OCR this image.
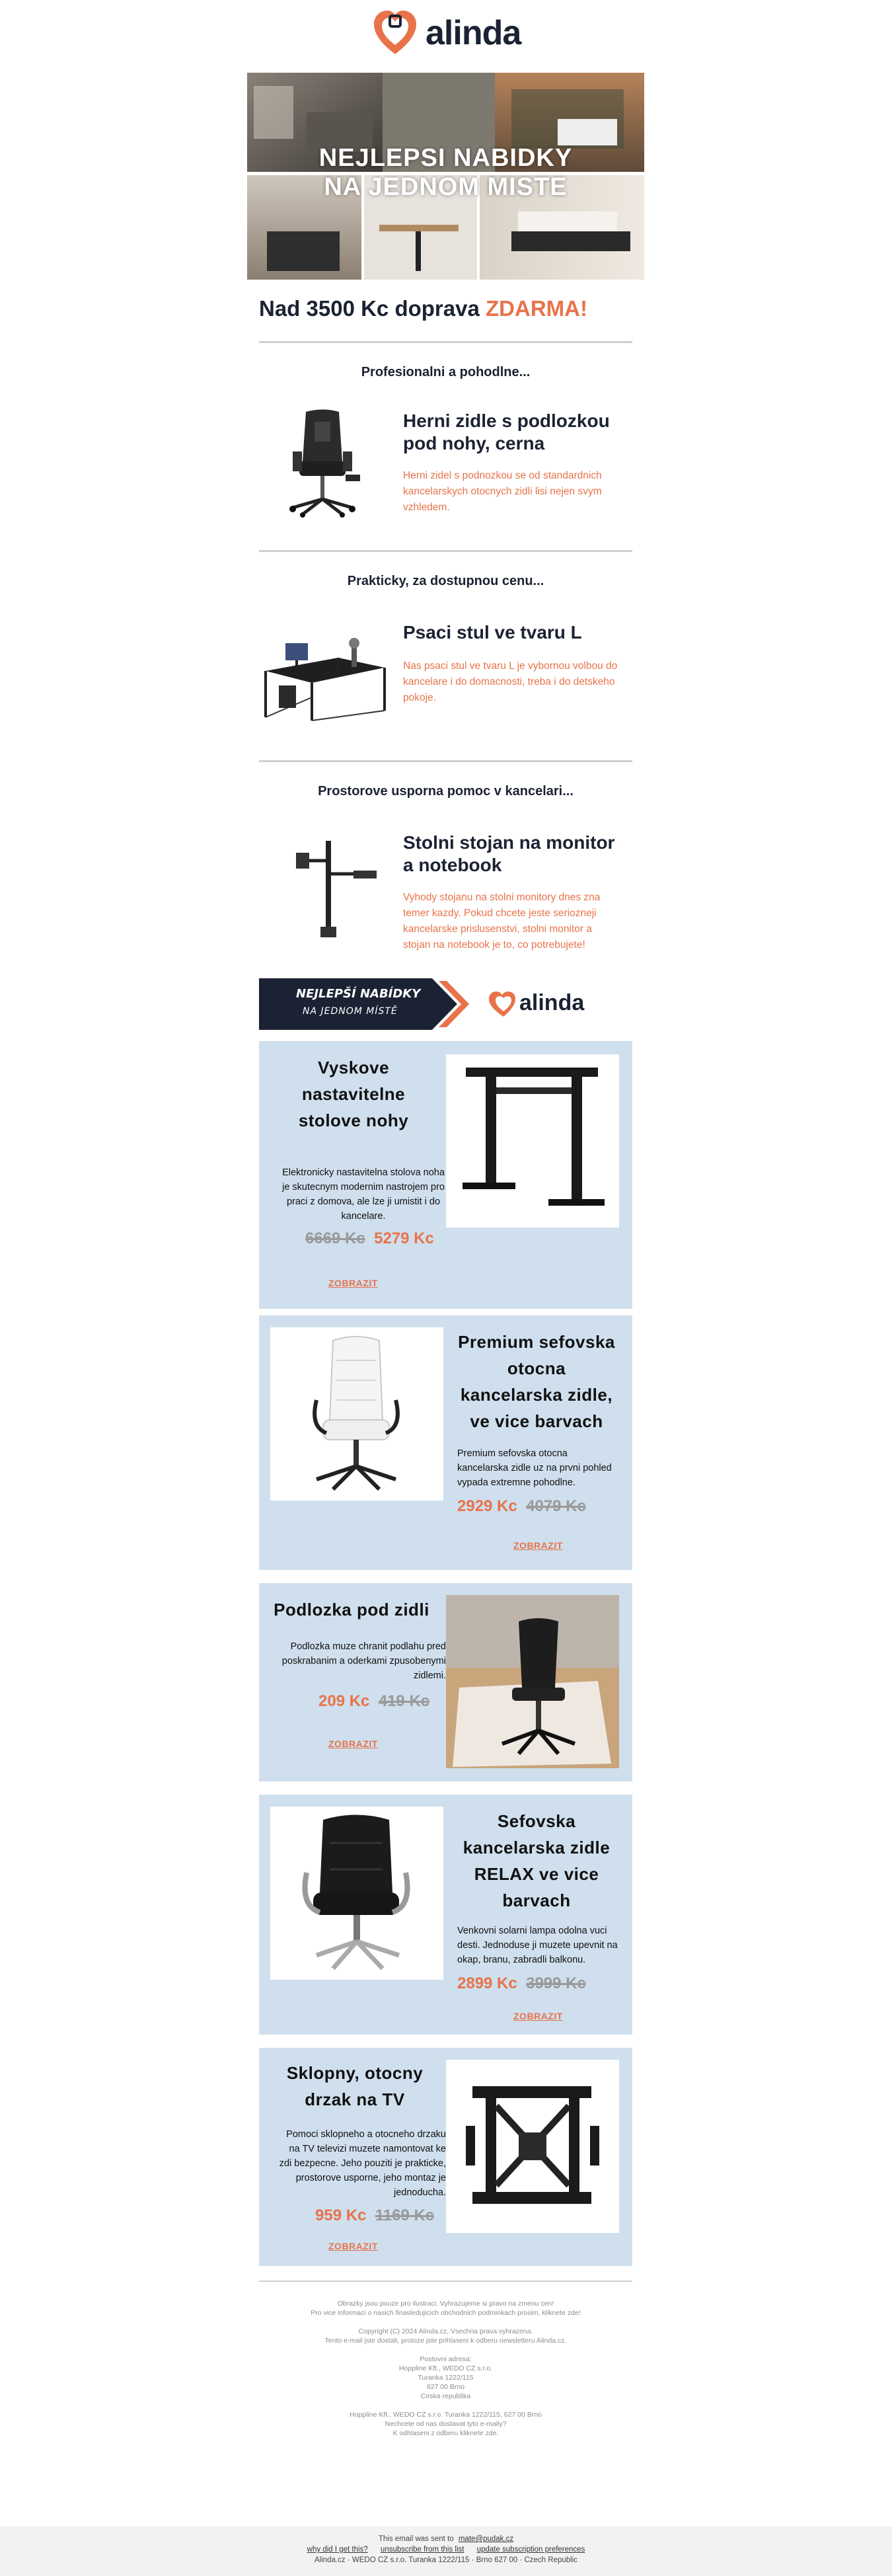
alinda
NEJLEPSI NABIDKY
NA JEDNOM MISTE
Nad 3500 Kc doprava ZDARMA!
Profesionalni a pohodlne...
Herni zidle s podlozkou pod nohy, cerna
Herni zidel s podnozkou se od standardnich kancelarskych otocnych zidli lisi nejen svym vzhledem.
Prakticky, za dostupnou cenu...
Psaci stul ve tvaru L
Nas psaci stul ve tvaru L je vybornou volbou do kancelare i do domacnosti, treba i do detskeho pokoje.
Prostorove usporna pomoc v kancelari...
Stolni stojan na monitor a notebook
Vyhody stojanu na stolni monitory dnes zna temer kazdy. Pokud chcete jeste seriozneji kancelarske prislusenstvi, stolni monitor a stojan na notebook je to, co potrebujete!
NEJLEPŠÍ NABÍDKY
NA JEDNOM MÍSTĚ	alinda
Vyskove nastavitelne stolove nohy
Elektronicky nastavitelna stolova noha je skutecnym modernim nastrojem pro praci z domova, ale lze ji umistit i do kancelare.
6669 Kc 5279 Kc
ZOBRAZIT
Premium sefovska otocna kancelarska zidle, ve vice barvach
Premium sefovska otocna kancelarska zidle uz na prvni pohled vypada extremne pohodlne.
2929 Kc 4079 Kc
ZOBRAZIT
Podlozka pod zidli
Podlozka muze chranit podlahu pred poskrabanim a oderkami zpusobenymi zidlemi.
209 Kc 419 Kc
ZOBRAZIT
Sefovska kancelarska zidle RELAX ve vice barvach
Venkovni solarni lampa odolna vuci desti. Jednoduse ji muzete upevnit na okap, branu, zabradli balkonu.
2899 Kc 3999 Kc
ZOBRAZIT
Sklopny, otocny drzak na TV
Pomoci sklopneho a otocneho drzaku na TV televizi muzete namontovat ke zdi bezpecne. Jeho pouziti je prakticke, prostorove usporne, jeho montaz je jednoducha.
959 Kc 1169 Kc
ZOBRAZIT
Obrazky jsou pouze pro ilustraci. Vyhrazujeme si pravo na zmenu cen!
Pro vice informaci o nasich finasledujicich obchodnich podminkach prosim, kliknete zde!
Copyright (C) 2024 Alinda.cz, Vsechna prava vyhrazena.
Tento e-mail jste dostali, protoze jste prihlaseni k odberu newsletteru Alinda.cz.
Postovni adresa:
Hoppline Kft., WEDO CZ s.r.o.
Turanka 1222/115
627 00 Brno
Ceska republika
Hoppline Kft., WEDO CZ s.r.o. Turanka 1222/115, 627 00 Brno
Nechcete od nas dostavat tyto e-maily?
K odhlaseni z odberu kliknete zde.
This email was sent to mate@pudak.cz
why did I get this? unsubscribe from this list update subscription preferences
Alinda.cz · WEDO CZ s.r.o. Turanka 1222/115 · Brno 627 00 · Czech Republic
